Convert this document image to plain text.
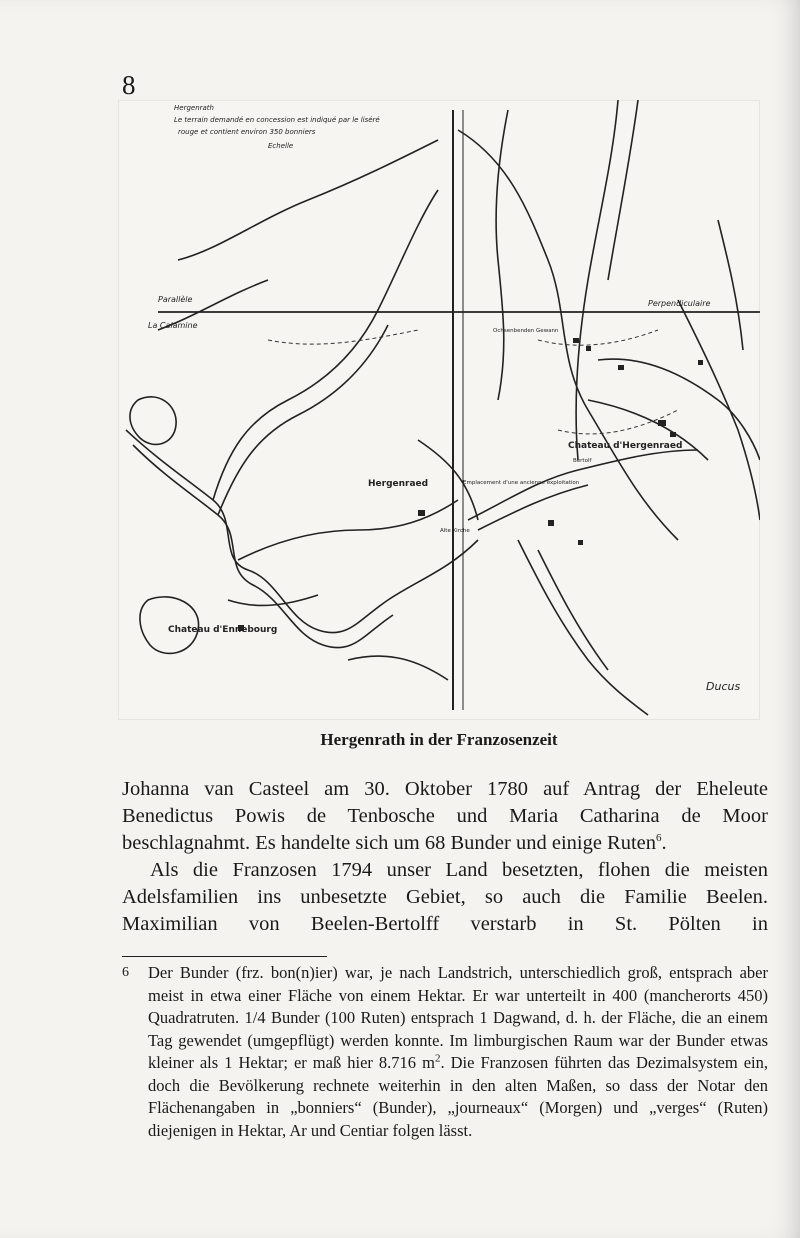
8
Hergenrath
Le terrain demandé en concession est indiqué par le liséré
rouge et contient environ 350 bonniers
Echelle
Parallèle
La Calamine
Perpendiculaire
Ochsenbenden Gewann
Chateau d'Hergenraed
Bertolf
Hergenraed	Emplacement d'une ancienne exploitation
Alte Kirche
Chateau d'Ennebourg
Ducus
Hergenrath in der Franzosenzeit
Johanna van Casteel am 30. Oktober 1780 auf Antrag der Eheleute
Benedictus Powis de Tenbosche und Maria Catharina de Moor
beschlagnahmt. Es handelte sich um 68 Bunder und einige Ruten$^6$.
Als die Franzosen 1794 unser Land besetzten, flohen die meisten
Adelsfamilien ins unbesetzte Gebiet, so auch die Familie Beelen.
Maximilian von Beelen-Bertolff verstarb in St. Pölten in
6 Der Bunder (frz. bon(n)ier) war, je nach Landstrich, unterschiedlich groß, entsprach aber meist in etwa einer Fläche von einem Hektar. Er war unterteilt in 400 (mancherorts 450) Quadratruten. 1/4 Bunder (100 Ruten) entsprach 1 Dagwand, d. h. der Fläche, die an einem Tag gewendet (umgepflügt) werden konnte. Im limburgischen Raum war der Bunder etwas kleiner als 1 Hektar; er maß hier 8.716 $m^2$. Die Franzosen führten das Dezimalsystem ein, doch die Bevölkerung rechnete weiterhin in den alten Maßen, so dass der Notar den Flächenangaben in „bonniers“ (Bunder), „journeaux“ (Morgen) und „verges“ (Ruten) diejenigen in Hektar, Ar und Centiar folgen lässt.
